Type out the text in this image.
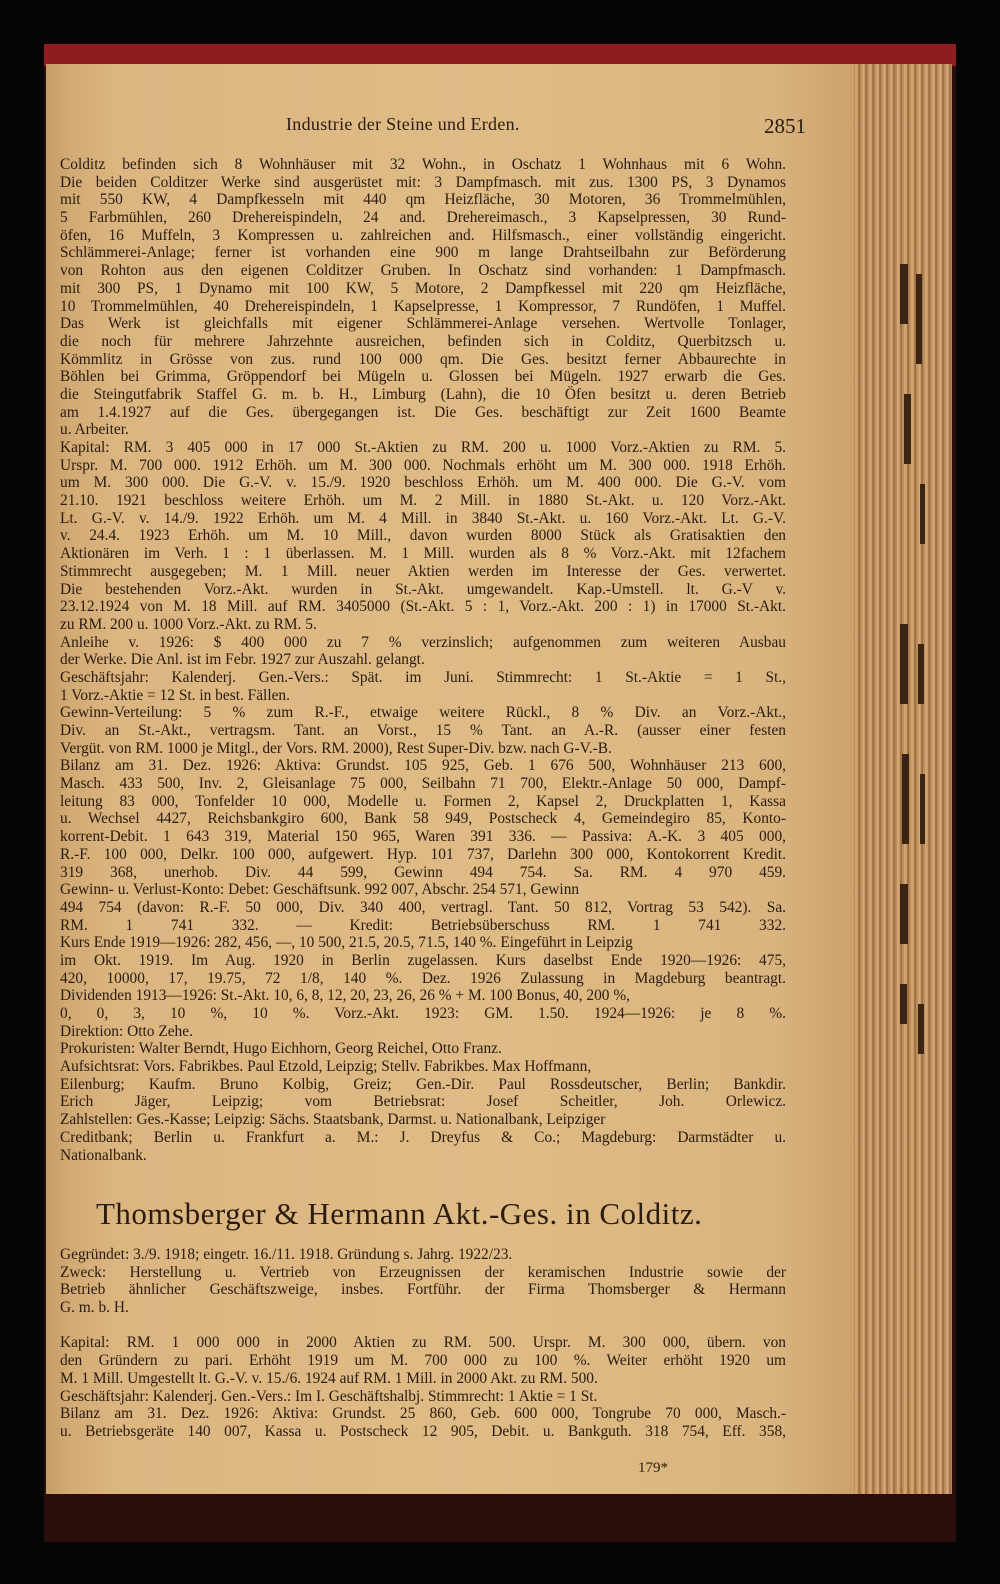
Industrie der Steine und Erden.	2851
Colditz befinden sich 8 Wohnhäuser mit 32 Wohn., in Oschatz 1 Wohnhaus mit 6 Wohn.
Die beiden Colditzer Werke sind ausgerüstet mit: 3 Dampfmasch. mit zus. 1300 PS, 3 Dynamos
mit 550 KW, 4 Dampfkesseln mit 440 qm Heizfläche, 30 Motoren, 36 Trommelmühlen,
5 Farbmühlen, 260 Drehereispindeln, 24 and. Drehereimasch., 3 Kapselpressen, 30 Rund-
öfen, 16 Muffeln, 3 Kompressen u. zahlreichen and. Hilfsmasch., einer vollständig eingericht.
Schlämmerei-Anlage; ferner ist vorhanden eine 900 m lange Drahtseilbahn zur Beförderung
von Rohton aus den eigenen Colditzer Gruben. In Oschatz sind vorhanden: 1 Dampfmasch.
mit 300 PS, 1 Dynamo mit 100 KW, 5 Motore, 2 Dampfkessel mit 220 qm Heizfläche,
10 Trommelmühlen, 40 Drehereispindeln, 1 Kapselpresse, 1 Kompressor, 7 Rundöfen, 1 Muffel.
Das Werk ist gleichfalls mit eigener Schlämmerei-Anlage versehen. Wertvolle Tonlager,
die noch für mehrere Jahrzehnte ausreichen, befinden sich in Colditz, Querbitzsch u.
Kömmlitz in Grösse von zus. rund 100 000 qm. Die Ges. besitzt ferner Abbaurechte in
Böhlen bei Grimma, Gröppendorf bei Mügeln u. Glossen bei Mügeln. 1927 erwarb die Ges.
die Steingutfabrik Staffel G. m. b. H., Limburg (Lahn), die 10 Öfen besitzt u. deren Betrieb
am 1.4.1927 auf die Ges. übergegangen ist. Die Ges. beschäftigt zur Zeit 1600 Beamte
u. Arbeiter.
Kapital: RM. 3 405 000 in 17 000 St.-Aktien zu RM. 200 u. 1000 Vorz.-Aktien zu RM. 5.
Urspr. M. 700 000. 1912 Erhöh. um M. 300 000. Nochmals erhöht um M. 300 000. 1918 Erhöh.
um M. 300 000. Die G.-V. v. 15./9. 1920 beschloss Erhöh. um M. 400 000. Die G.-V. vom
21.10. 1921 beschloss weitere Erhöh. um M. 2 Mill. in 1880 St.-Akt. u. 120 Vorz.-Akt.
Lt. G.-V. v. 14./9. 1922 Erhöh. um M. 4 Mill. in 3840 St.-Akt. u. 160 Vorz.-Akt. Lt. G.-V.
v. 24.4. 1923 Erhöh. um M. 10 Mill., davon wurden 8000 Stück als Gratisaktien den
Aktionären im Verh. 1 : 1 überlassen. M. 1 Mill. wurden als 8 % Vorz.-Akt. mit 12fachem
Stimmrecht ausgegeben; M. 1 Mill. neuer Aktien werden im Interesse der Ges. verwertet.
Die bestehenden Vorz.-Akt. wurden in St.-Akt. umgewandelt. Kap.-Umstell. lt. G.-V v.
23.12.1924 von M. 18 Mill. auf RM. 3405000 (St.-Akt. 5 : 1, Vorz.-Akt. 200 : 1) in 17000 St.-Akt.
zu RM. 200 u. 1000 Vorz.-Akt. zu RM. 5.
Anleihe v. 1926: $ 400 000 zu 7 % verzinslich; aufgenommen zum weiteren Ausbau
der Werke. Die Anl. ist im Febr. 1927 zur Auszahl. gelangt.
Geschäftsjahr: Kalenderj. Gen.-Vers.: Spät. im Juni. Stimmrecht: 1 St.-Aktie = 1 St.,
1 Vorz.-Aktie = 12 St. in best. Fällen.
Gewinn-Verteilung: 5 % zum R.-F., etwaige weitere Rückl., 8 % Div. an Vorz.-Akt.,
Div. an St.-Akt., vertragsm. Tant. an Vorst., 15 % Tant. an A.-R. (ausser einer festen
Vergüt. von RM. 1000 je Mitgl., der Vors. RM. 2000), Rest Super-Div. bzw. nach G-V.-B.
Bilanz am 31. Dez. 1926: Aktiva: Grundst. 105 925, Geb. 1 676 500, Wohnhäuser 213 600,
Masch. 433 500, Inv. 2, Gleisanlage 75 000, Seilbahn 71 700, Elektr.-Anlage 50 000, Dampf-
leitung 83 000, Tonfelder 10 000, Modelle u. Formen 2, Kapsel 2, Druckplatten 1, Kassa
u. Wechsel 4427, Reichsbankgiro 600, Bank 58 949, Postscheck 4, Gemeindegiro 85, Konto-
korrent-Debit. 1 643 319, Material 150 965, Waren 391 336. — Passiva: A.-K. 3 405 000,
R.-F. 100 000, Delkr. 100 000, aufgewert. Hyp. 101 737, Darlehn 300 000, Kontokorrent Kredit.
319 368, unerhob. Div. 44 599, Gewinn 494 754. Sa. RM. 4 970 459.
Gewinn- u. Verlust-Konto: Debet: Geschäftsunk. 992 007, Abschr. 254 571, Gewinn
494 754 (davon: R.-F. 50 000, Div. 340 400, vertragl. Tant. 50 812, Vortrag 53 542). Sa.
RM. 1 741 332. — Kredit: Betriebsüberschuss RM. 1 741 332.
Kurs Ende 1919—1926: 282, 456, —, 10 500, 21.5, 20.5, 71.5, 140 %. Eingeführt in Leipzig
im Okt. 1919. Im Aug. 1920 in Berlin zugelassen. Kurs daselbst Ende 1920—1926: 475,
420, 10000, 17, 19.75, 72 1/8, 140 %. Dez. 1926 Zulassung in Magdeburg beantragt.
Dividenden 1913—1926: St.-Akt. 10, 6, 8, 12, 20, 23, 26, 26 % + M. 100 Bonus, 40, 200 %,
0, 0, 3, 10 %, 10 %. Vorz.-Akt. 1923: GM. 1.50. 1924—1926: je 8 %.
Direktion: Otto Zehe.
Prokuristen: Walter Berndt, Hugo Eichhorn, Georg Reichel, Otto Franz.
Aufsichtsrat: Vors. Fabrikbes. Paul Etzold, Leipzig; Stellv. Fabrikbes. Max Hoffmann,
Eilenburg; Kaufm. Bruno Kolbig, Greiz; Gen.-Dir. Paul Rossdeutscher, Berlin; Bankdir.
Erich Jäger, Leipzig; vom Betriebsrat: Josef Scheitler, Joh. Orlewicz.
Zahlstellen: Ges.-Kasse; Leipzig: Sächs. Staatsbank, Darmst. u. Nationalbank, Leipziger
Creditbank; Berlin u. Frankfurt a. M.: J. Dreyfus & Co.; Magdeburg: Darmstädter u.
Nationalbank.
Thomsberger & Hermann Akt.-Ges. in Colditz.
Gegründet: 3./9. 1918; eingetr. 16./11. 1918. Gründung s. Jahrg. 1922/23.
Zweck: Herstellung u. Vertrieb von Erzeugnissen der keramischen Industrie sowie der
Betrieb ähnlicher Geschäftszweige, insbes. Fortführ. der Firma Thomsberger & Hermann
G. m. b. H.
Kapital: RM. 1 000 000 in 2000 Aktien zu RM. 500. Urspr. M. 300 000, übern. von
den Gründern zu pari. Erhöht 1919 um M. 700 000 zu 100 %. Weiter erhöht 1920 um
M. 1 Mill. Umgestellt lt. G.-V. v. 15./6. 1924 auf RM. 1 Mill. in 2000 Akt. zu RM. 500.
Geschäftsjahr: Kalenderj. Gen.-Vers.: Im I. Geschäftshalbj. Stimmrecht: 1 Aktie = 1 St.
Bilanz am 31. Dez. 1926: Aktiva: Grundst. 25 860, Geb. 600 000, Tongrube 70 000, Masch.-
u. Betriebsgeräte 140 007, Kassa u. Postscheck 12 905, Debit. u. Bankguth. 318 754, Eff. 358,
179*
